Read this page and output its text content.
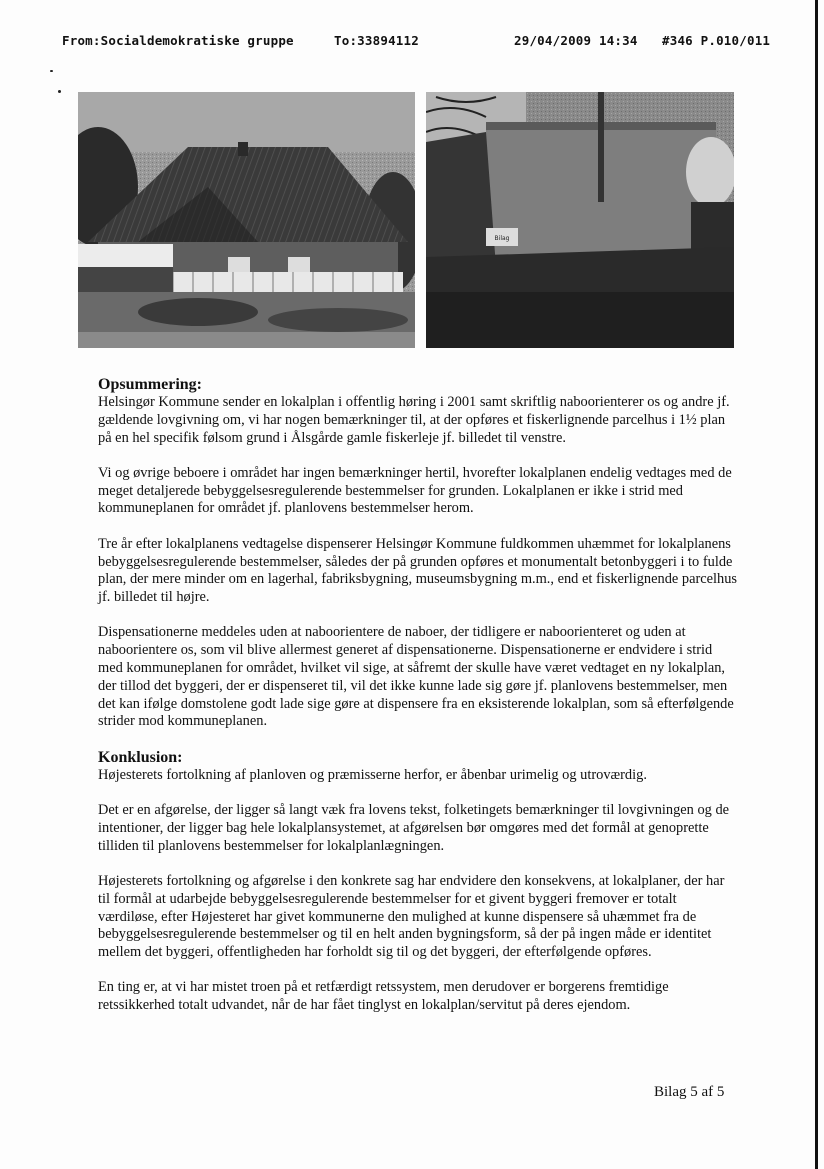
From:Socialdemokratiske gruppe	To:33894112	29/04/2009 14:34 #346 P.010/011
Bilag
Opsummering:

Helsingør Kommune sender en lokalplan i offentlig høring i 2001 samt skriftlig naboorienterer os og andre jf. gældende lovgivning om, vi har nogen bemærkninger til, at der opføres et fiskerlignende parcelhus i 1½ plan på en hel specifik følsom grund i Ålsgårde gamle fiskerleje jf. billedet til venstre.

Vi og øvrige beboere i området har ingen bemærkninger hertil, hvorefter lokalplanen endelig vedtages med de meget detaljerede bebyggelsesregulerende bestemmelser for grunden. Lokalplanen er ikke i strid med kommuneplanen for området jf. planlovens bestemmelser herom.

Tre år efter lokalplanens vedtagelse dispenserer Helsingør Kommune fuldkommen uhæmmet for lokalplanens bebyggelsesregulerende bestemmelser, således der på grunden opføres et monumentalt betonbyggeri i to fulde plan, der mere minder om en lagerhal, fabriksbygning, museumsbygning m.m., end et fiskerlignende parcelhus jf. billedet til højre.

Dispensationerne meddeles uden at naboorientere de naboer, der tidligere er naboorienteret og uden at naboorientere os, som vil blive allermest generet af dispensationerne. Dispensationerne er endvidere i strid med kommuneplanen for området, hvilket vil sige, at såfremt der skulle have været vedtaget en ny lokalplan, der tillod det byggeri, der er dispenseret til, vil det ikke kunne lade sig gøre jf. planlovens bestemmelser, men det kan ifølge domstolene godt lade sige gøre at dispensere fra en eksisterende lokalplan, som så efterfølgende strider mod kommuneplanen.

Konklusion:

Højesterets fortolkning af planloven og præmisserne herfor, er åbenbar urimelig og utroværdig.

Det er en afgørelse, der ligger så langt væk fra lovens tekst, folketingets bemærkninger til lovgivningen og de intentioner, der ligger bag hele lokalplansystemet, at afgørelsen bør omgøres med det formål at genoprette tilliden til planlovens bestemmelser for lokalplanlægningen.

Højesterets fortolkning og afgørelse i den konkrete sag har endvidere den konsekvens, at lokalplaner, der har til formål at udarbejde bebyggelsesregulerende bestemmelser for et givent byggeri fremover er totalt værdiløse, efter Højesteret har givet kommunerne den mulighed at kunne dispensere så uhæmmet fra de bebyggelsesregulerende bestemmelser og til en helt anden bygningsform, så der på ingen måde er identitet mellem det byggeri, offentligheden har forholdt sig til og det byggeri, der efterfølgende opføres.

En ting er, at vi har mistet troen på et retfærdigt retssystem, men derudover er borgerens fremtidige retssikkerhed totalt udvandet, når de har fået tinglyst en lokalplan/servitut på deres ejendom.

Bilag 5 af 5
